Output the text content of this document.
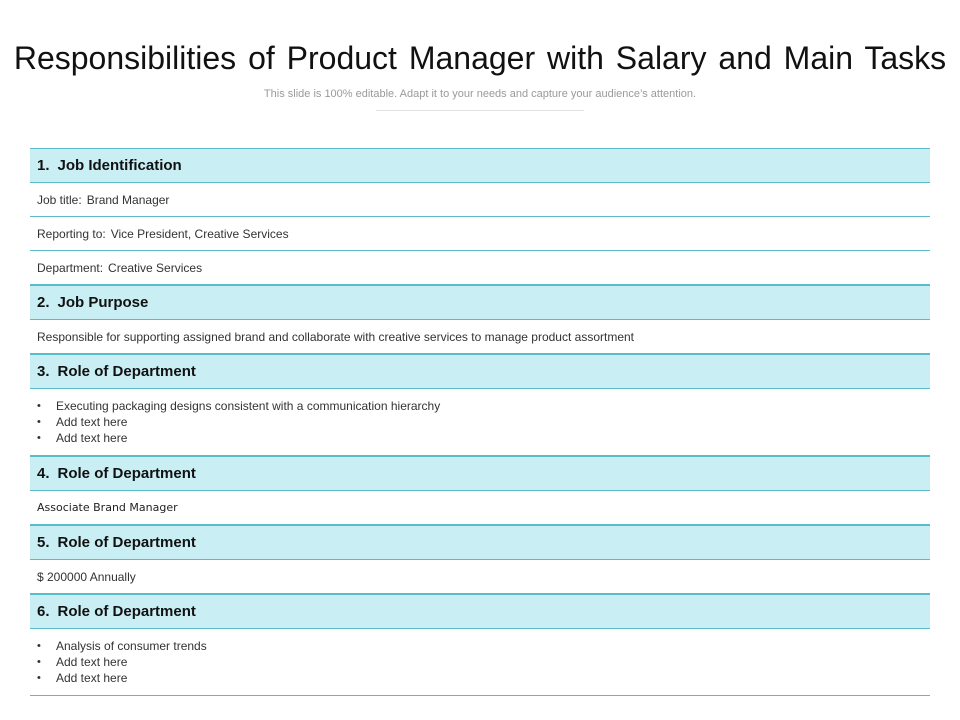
Responsibilities of Product Manager with Salary and Main Tasks
This slide is 100% editable. Adapt it to your needs and capture your audience’s attention.
1. Job Identification
Job title: Brand Manager
Reporting to: Vice President, Creative Services
Department: Creative Services
2. Job Purpose
Responsible for supporting assigned brand and collaborate with creative services to manage product assortment
3. Role of Department
• Executing packaging designs consistent with a communication hierarchy
• Add text here
• Add text here
4. Role of Department
Associate Brand Manager
5. Role of Department
$ 200000 Annually
6. Role of Department
• Analysis of consumer trends
• Add text here
• Add text here
